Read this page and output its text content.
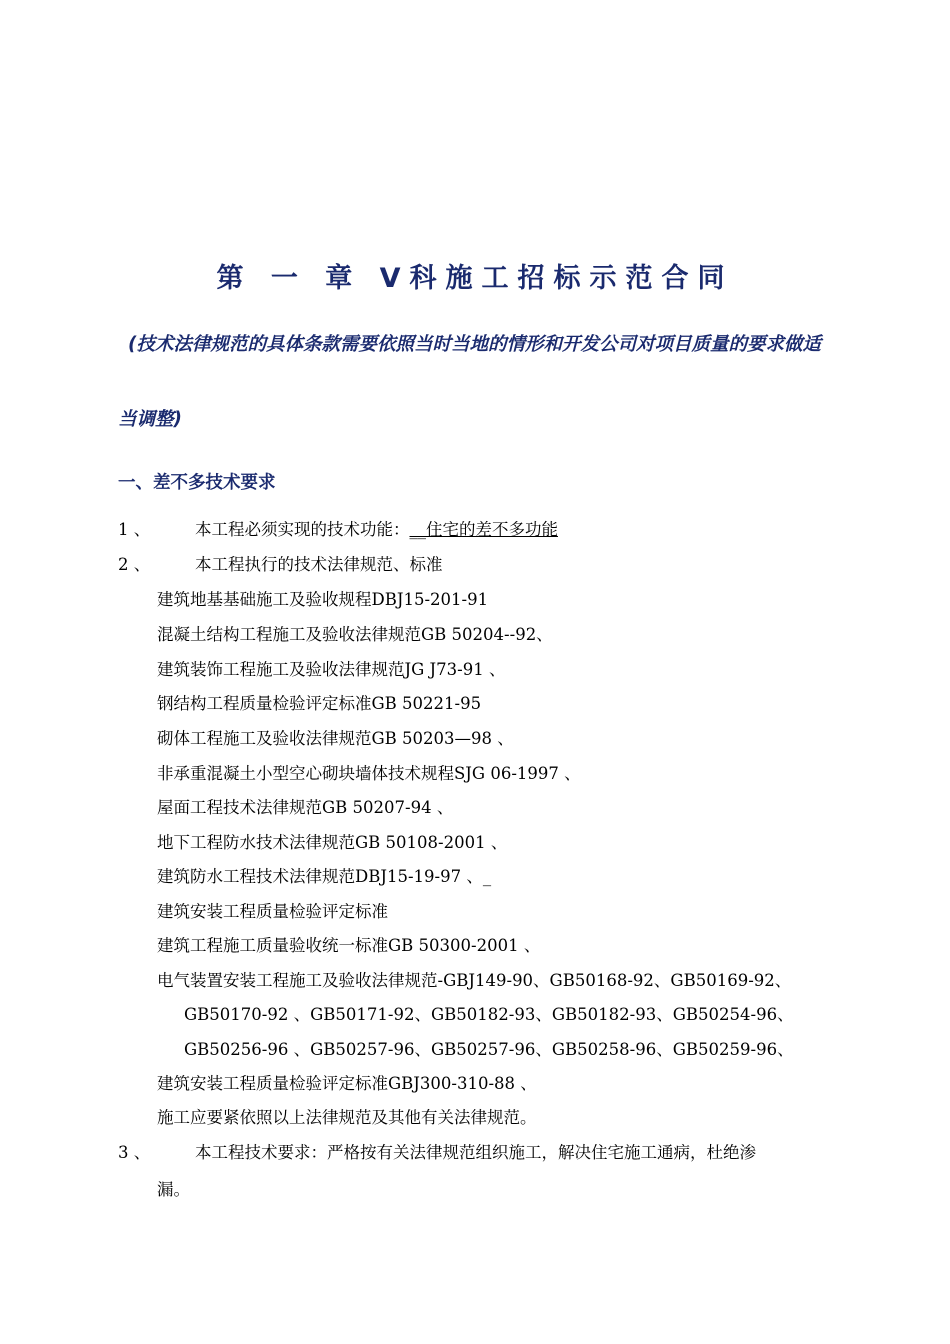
第 一 章 V科施工招标示范合同
(技术法律规范的具体条款需要依照当时当地的情形和开发公司对项目质量的要求做适
当调整)
一、差不多技术要求
1 、	本工程必须实现的技术功能：__住宅的差不多功能
2 、	本工程执行的技术法律规范、标准
建筑地基基础施工及验收规程DBJ15-201-91
混凝土结构工程施工及验收法律规范GB 50204--92、
建筑装饰工程施工及验收法律规范JG J73-91 、
钢结构工程质量检验评定标准GB 50221-95
砌体工程施工及验收法律规范GB 50203—98 、
非承重混凝土小型空心砌块墙体技术规程SJG 06-1997 、
屋面工程技术法律规范GB 50207-94 、
地下工程防水技术法律规范GB 50108-2001 、
建筑防水工程技术法律规范DBJ15-19-97 、_
建筑安装工程质量检验评定标准
建筑工程施工质量验收统一标准GB 50300-2001 、
电气装置安装工程施工及验收法律规范-GBJ149-90、GB50168-92、GB50169-92、
GB50170-92 、GB50171-92、GB50182-93、GB50182-93、GB50254-96、
GB50256-96 、GB50257-96、GB50257-96、GB50258-96、GB50259-96、
建筑安装工程质量检验评定标准GBJ300-310-88 、
施工应要紧依照以上法律规范及其他有关法律规范。
3 、	本工程技术要求：严格按有关法律规范组织施工，解决住宅施工通病，杜绝渗
漏。
